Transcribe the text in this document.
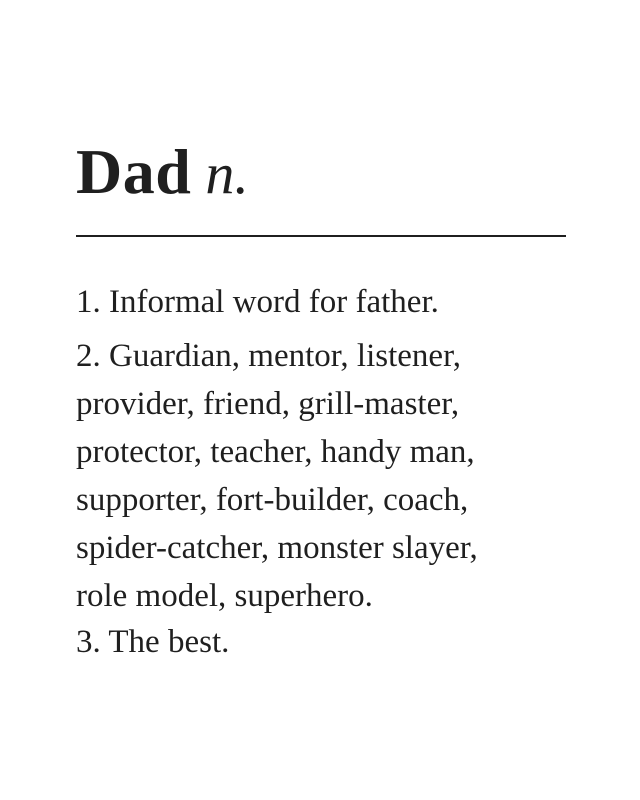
Dad n.
1. Informal word for father.
2. Guardian, mentor, listener,
provider, friend, grill-master,
protector, teacher, handy man,
supporter, fort-builder, coach,
spider-catcher, monster slayer,
role model, superhero.
3. The best.
